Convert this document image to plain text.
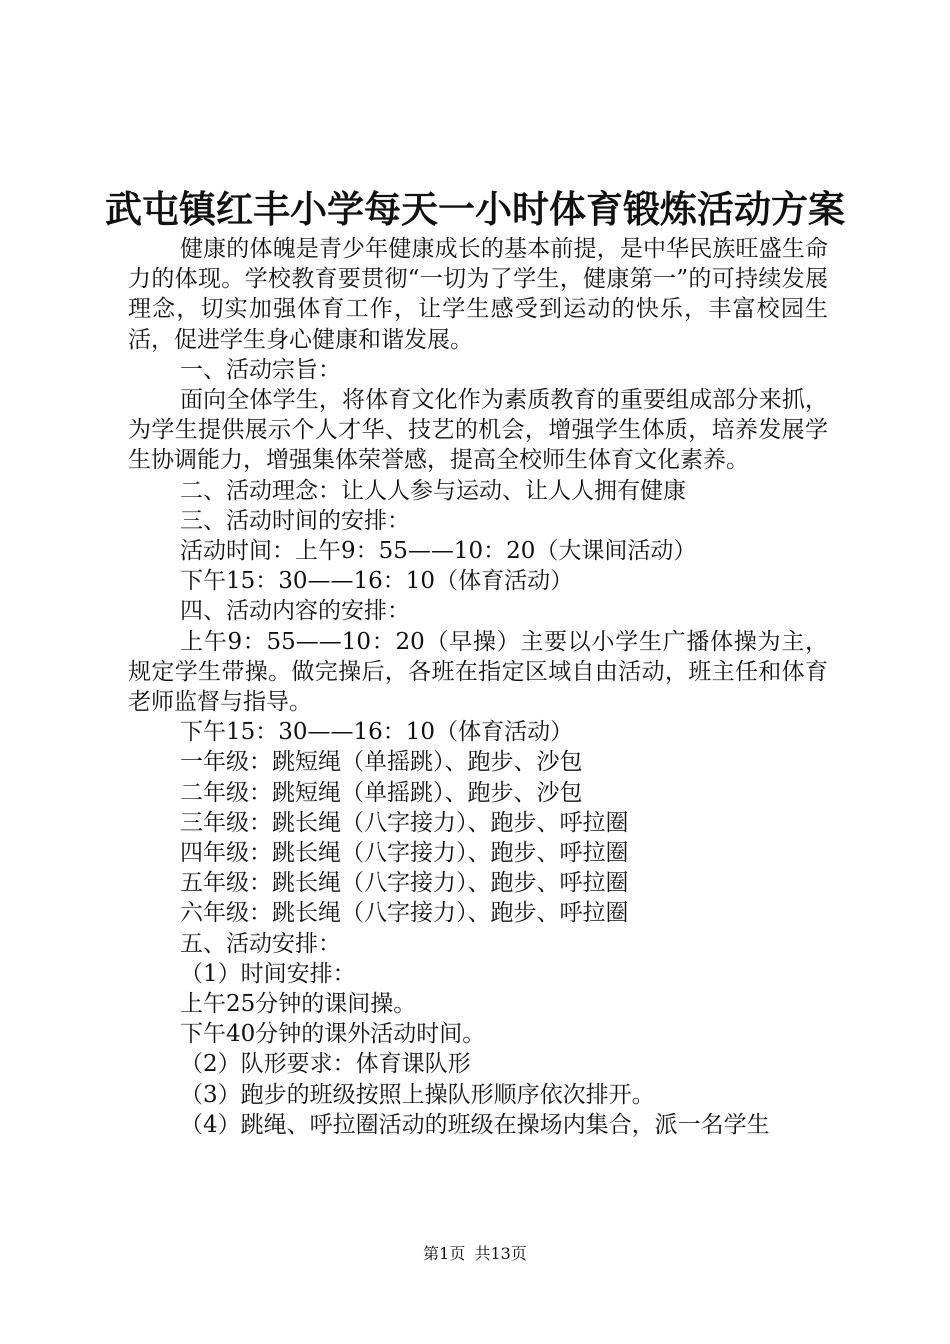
武屯镇红丰小学每天一小时体育锻炼活动方案

健康的体魄是青少年健康成长的基本前提，是中华民族旺盛生命力的体现。学校教育要贯彻“一切为了学生，健康第一”的可持续发展理念，切实加强体育工作，让学生感受到运动的快乐，丰富校园生活，促进学生身心健康和谐发展。

一、活动宗旨：

面向全体学生，将体育文化作为素质教育的重要组成部分来抓，为学生提供展示个人才华、技艺的机会，增强学生体质，培养发展学生协调能力，增强集体荣誉感，提高全校师生体育文化素养。

二、活动理念：让人人参与运动、让人人拥有健康

三、活动时间的安排：

活动时间：上午9：55——10：20（大课间活动）

下午15：30——16：10（体育活动）

四、活动内容的安排：

上午9：55——10：20（早操）主要以小学生广播体操为主，规定学生带操。做完操后，各班在指定区域自由活动，班主任和体育老师监督与指导。

下午15：30——16：10（体育活动）

一年级：跳短绳（单摇跳）、跑步、沙包

二年级：跳短绳（单摇跳）、跑步、沙包

三年级：跳长绳（八字接力）、跑步、呼拉圈

四年级：跳长绳（八字接力）、跑步、呼拉圈

五年级：跳长绳（八字接力）、跑步、呼拉圈

六年级：跳长绳（八字接力）、跑步、呼拉圈

五、活动安排：

（1）时间安排：

上午25分钟的课间操。

下午40分钟的课外活动时间。

（2）队形要求：体育课队形

（3）跑步的班级按照上操队形顺序依次排开。

（4）跳绳、呼拉圈活动的班级在操场内集合，派一名学生

第1页 共13页
